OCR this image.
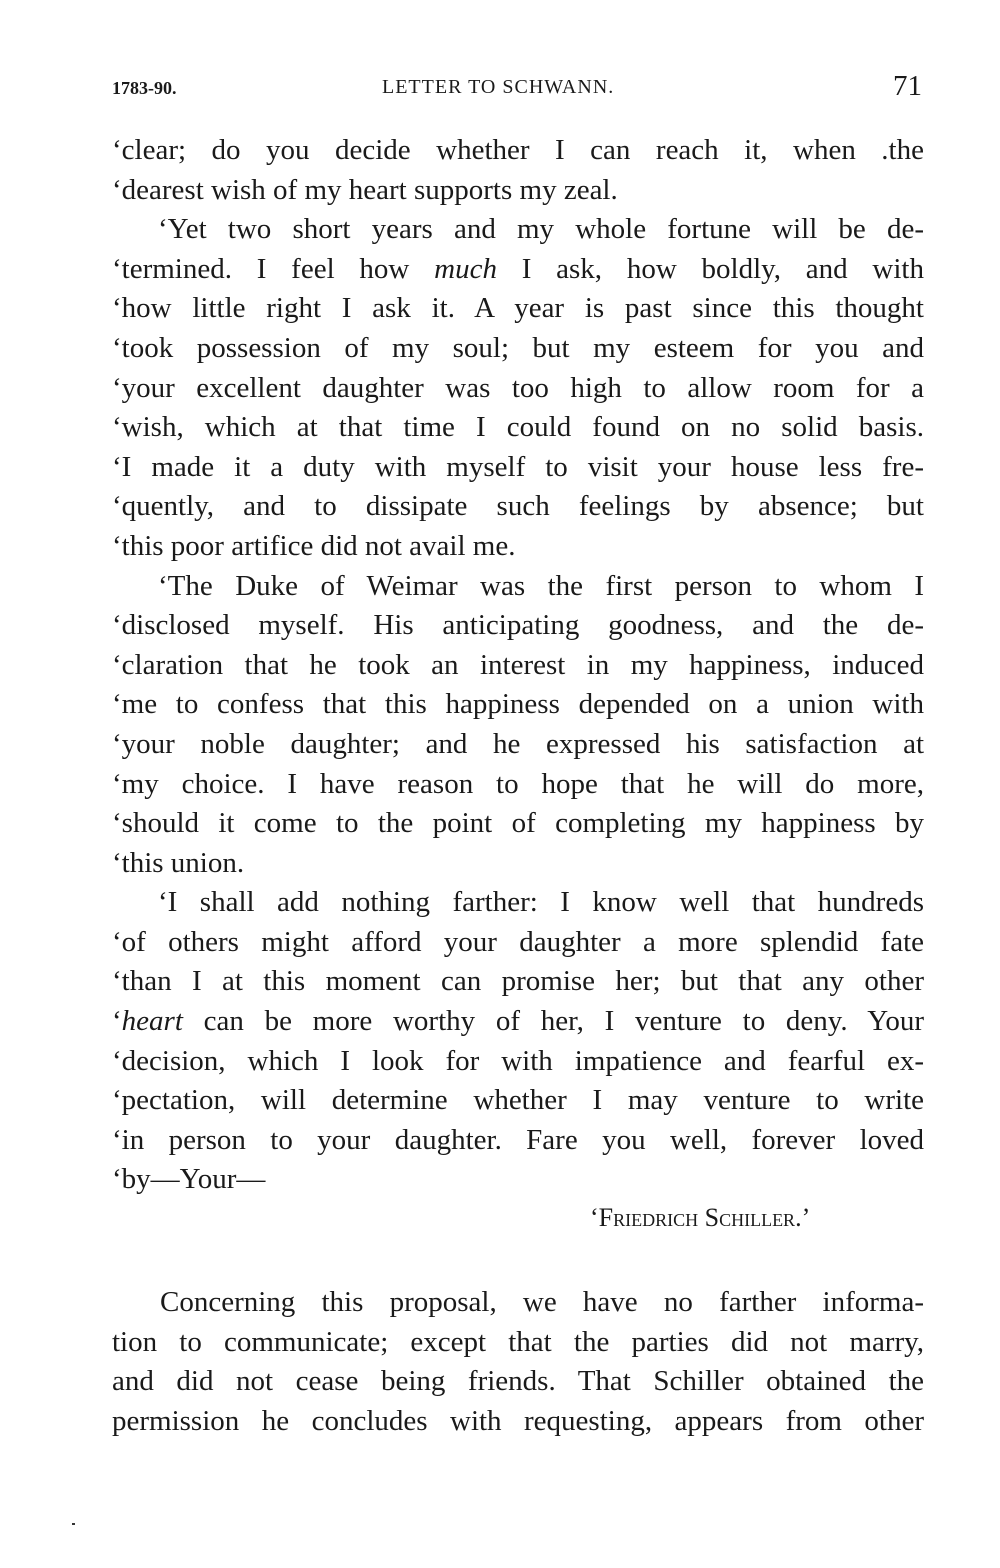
1783-90.	LETTER TO SCHWANN.	71
‘clear; do you decide whether I can reach it, when .the
‘dearest wish of my heart supports my zeal.
‘Yet two short years and my whole fortune will be de-
‘termined. I feel how much I ask, how boldly, and with
‘how little right I ask it. A year is past since this thought
‘took possession of my soul; but my esteem for you and
‘your excellent daughter was too high to allow room for a
‘wish, which at that time I could found on no solid basis.
‘I made it a duty with myself to visit your house less fre-
‘quently, and to dissipate such feelings by absence; but
‘this poor artifice did not avail me.
‘The Duke of Weimar was the first person to whom I
‘disclosed myself. His anticipating goodness, and the de-
‘claration that he took an interest in my happiness, induced
‘me to confess that this happiness depended on a union with
‘your noble daughter; and he expressed his satisfaction at
‘my choice. I have reason to hope that he will do more,
‘should it come to the point of completing my happiness by
‘this union.
‘I shall add nothing farther: I know well that hundreds
‘of others might afford your daughter a more splendid fate
‘than I at this moment can promise her; but that any other
‘heart can be more worthy of her, I venture to deny. Your
‘decision, which I look for with impatience and fearful ex-
‘pectation, will determine whether I may venture to write
‘in person to your daughter. Fare you well, forever loved
‘by—Your—
‘Friedrich Schiller.’
Concerning this proposal, we have no farther informa-
tion to communicate; except that the parties did not marry,
and did not cease being friends. That Schiller obtained the
permission he concludes with requesting, appears from other
